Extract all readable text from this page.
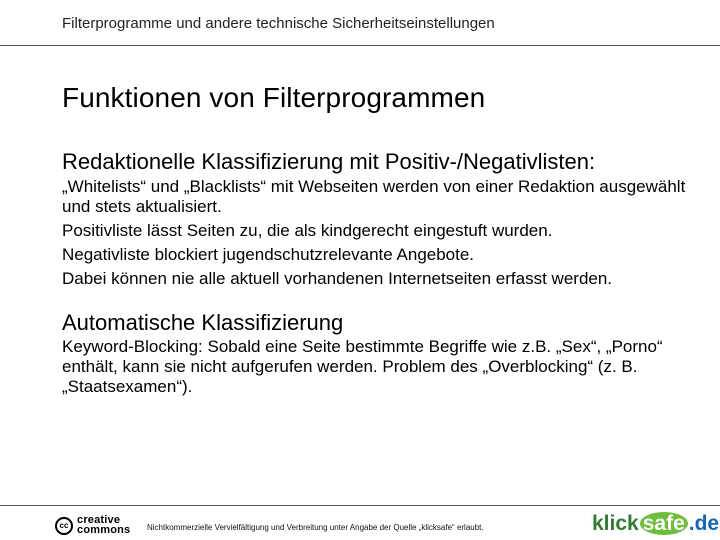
Filterprogramme und andere technische Sicherheitseinstellungen
Funktionen von Filterprogrammen
Redaktionelle Klassifizierung mit Positiv-/Negativlisten:

„Whitelists“ und „Blacklists“ mit Webseiten werden von einer Redaktion ausgewählt und stets aktualisiert.

Positivliste lässt Seiten zu, die als kindgerecht eingestuft wurden.

Negativliste blockiert jugendschutzrelevante Angebote.

Dabei können nie alle aktuell vorhandenen Internetseiten erfasst werden.

Automatische Klassifizierung

Keyword-Blocking: Sobald eine Seite bestimmte Begriffe wie z.B. „Sex“, „Porno“ enthält, kann sie nicht aufgerufen werden. Problem des „Overblocking“ (z. B. „Staatsexamen“).

cc creative
commons Nichtkommerzielle Vervielfältigung und Verbreitung unter Angabe der Quelle „klicksafe“ erlaubt.	klick safe .de
